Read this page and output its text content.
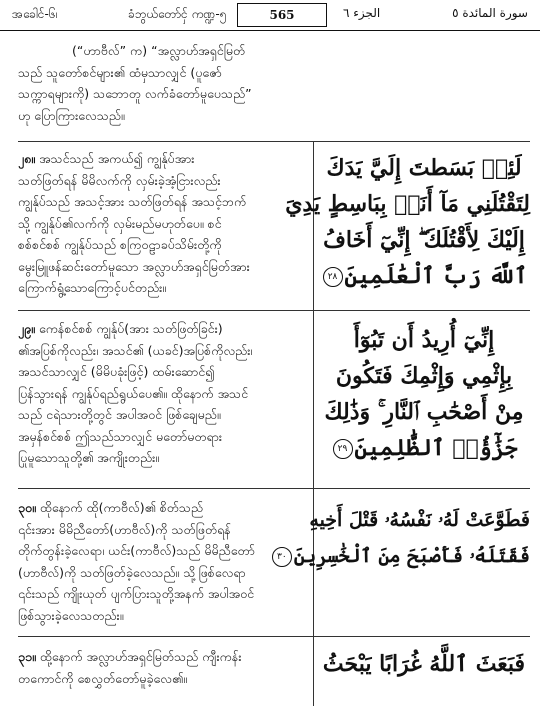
အခေါင်-၆၊	ခံဘွယ်တော်ငှ် ကဏ္ဍ-၅	565	الجزء ٦	سورة المائدة ٥
(“ဟာဗီလ်” က) “အလ္လာဟ်အရှင်မြတ်
သည် သူတော်စင်များ၏ ထံမှသာလျှင် (ပူဇော်
သက္ကာရများကို) သဘောတူ လက်ခံတော်မူပေသည်”
ဟု ပြောကြားလေသည်။
၂၈။ အသင်သည် အကယ်၍ ကျွန်ုပ်အား
သတ်ဖြတ်ရန် မိမိလက်ကို လှမ်းခဲ့အံ့ငြားလည်း
ကျွန်ုပ်သည် အသင့်အား သတ်ဖြတ်ရန် အသင့်ဘက်
သို့ ကျွန်ုပ်၏လက်ကို လှမ်းမည်မဟုတ်ပေ။ စင်
စစ်စင်စစ် ကျွန်ုပ်သည် စကြဝဠာခပ်သိမ်းတို့ကို
မွေးမြူဖန်ဆင်းတော်မူသော အလ္လာဟ်အရှင်မြတ်အား
ကြောက်ရွံ့သောကြောင့်ပင်တည်း။
لَئِنۢ بَسَطتَ إِلَيَّ يَدَكَ
لِتَقْتُلَنِي مَآ أَنَا۠ بِبَاسِطٍ يَدِيَ
إِلَيْكَ لِأَقْتُلَكَ ۖ إِنِّيٓ أَخَافُ
ٱللَّهَ رَبَّ ٱلْعَٰلَمِينَ٢٨
၂၉။ ကေန်စင်စစ် ကျွန်ုပ်(အား သတ်ဖြတ်ခြင်း)
၏အပြစ်ကိုလည်း၊ အသင်၏ (ယခင်)အပြစ်ကိုလည်း၊
အသင်သာလျှင် (မိမိပခုံးဖြင့်) ထမ်းဆောင်၍
ပြန်သွားရန် ကျွန်ုပ်ရည်ရွယ်ပေ၏။ ထိုနောက် အသင်
သည် ငရဲသားတို့တွင် အပါအဝင် ဖြစ်ချေမည်။
အမှန်စင်စစ် ဤသည်သာလျှင် မတော်မတရား
ပြုမူသောသူတို့၏ အကျိုးတည်း။
إِنِّيٓ أُرِيدُ أَن تَبُوٓأَ
بِإِثْمِي وَإِثْمِكَ فَتَكُونَ
مِنْ أَصْحَٰبِ ٱلنَّارِ ۚ وَذَٰلِكَ
جَزَٰٓؤُا۟ ٱلظَّٰلِمِينَ٢٩
၃၀။ ထိုနောက် ထို(ကာဗီလ်)၏ စိတ်သည်
၎င်းအား မိမိညီတော်(ဟာဗီလ်)ကို သတ်ဖြတ်ရန်
တိုက်တွန်းခဲ့လေရာ၊ ယင်း(ကာဗီလ်)သည် မိမိညီတော်
(ဟာဗီလ်)ကို သတ်ဖြတ်ခဲ့လေသည်။ သို့ဖြစ်လေရာ
၎င်းသည် ကျိုးယုတ် ပျက်ပြားသူတို့အနက် အပါအဝင်
ဖြစ်သွားခဲ့လေသတည်း။
فَطَوَّعَتْ لَهُۥ نَفْسُهُۥ قَتْلَ أَخِيهِ
فَقَتَلَهُۥ فَأَصْبَحَ مِنَ ٱلْخَٰسِرِينَ٣٠
၃၁။ ထို့နောက် အလ္လာဟ်အရှင်မြတ်သည် ကျီးကန်း
တကောင်ကို စေလွှတ်တော်မူခဲ့လေ၏။
فَبَعَثَ ٱللَّهُ غُرَابًا يَبْحَثُ
